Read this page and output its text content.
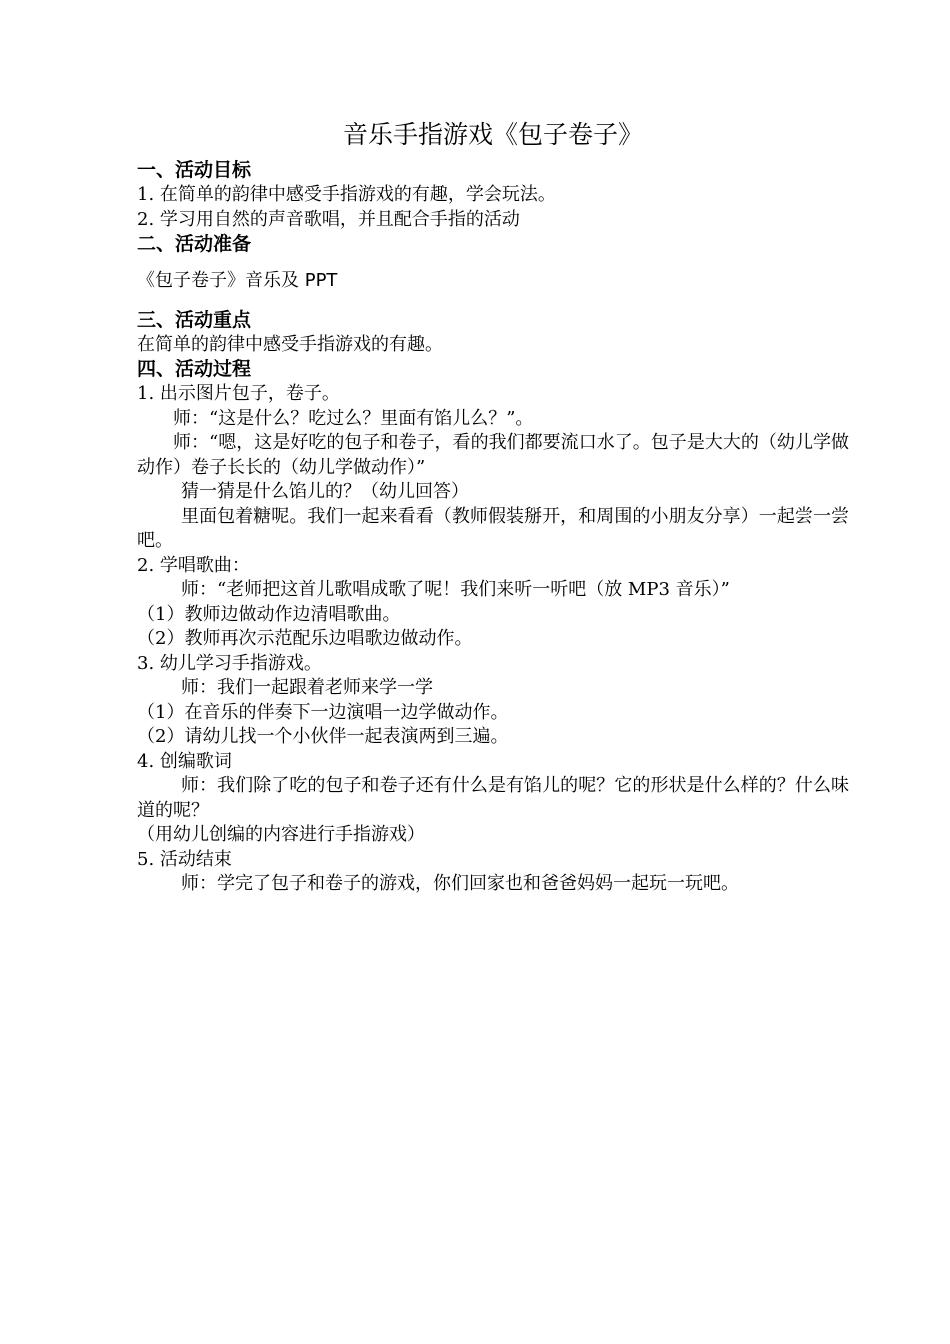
音乐手指游戏《包子卷子》
一、活动目标
1. 在简单的韵律中感受手指游戏的有趣，学会玩法。
2. 学习用自然的声音歌唱，并且配合手指的活动
二、活动准备
《包子卷子》音乐及 PPT
三、活动重点
在简单的韵律中感受手指游戏的有趣。
四、活动过程
1. 出示图片包子，卷子。
师：“这是什么？吃过么？里面有馅儿么？”。
师：“嗯，这是好吃的包子和卷子，看的我们都要流口水了。包子是大大的（幼儿学做动作）卷子长长的（幼儿学做动作）”
猜一猜是什么馅儿的？（幼儿回答）
里面包着糖呢。我们一起来看看（教师假装掰开，和周围的小朋友分享）一起尝一尝吧。
2. 学唱歌曲：
师：“老师把这首儿歌唱成歌了呢！我们来听一听吧（放 MP3 音乐）”
（1）教师边做动作边清唱歌曲。
（2）教师再次示范配乐边唱歌边做动作。
3. 幼儿学习手指游戏。
师：我们一起跟着老师来学一学
（1）在音乐的伴奏下一边演唱一边学做动作。
（2）请幼儿找一个小伙伴一起表演两到三遍。
4. 创编歌词
师：我们除了吃的包子和卷子还有什么是有馅儿的呢？它的形状是什么样的？什么味道的呢？
（用幼儿创编的内容进行手指游戏）
5. 活动结束
师：学完了包子和卷子的游戏，你们回家也和爸爸妈妈一起玩一玩吧。
